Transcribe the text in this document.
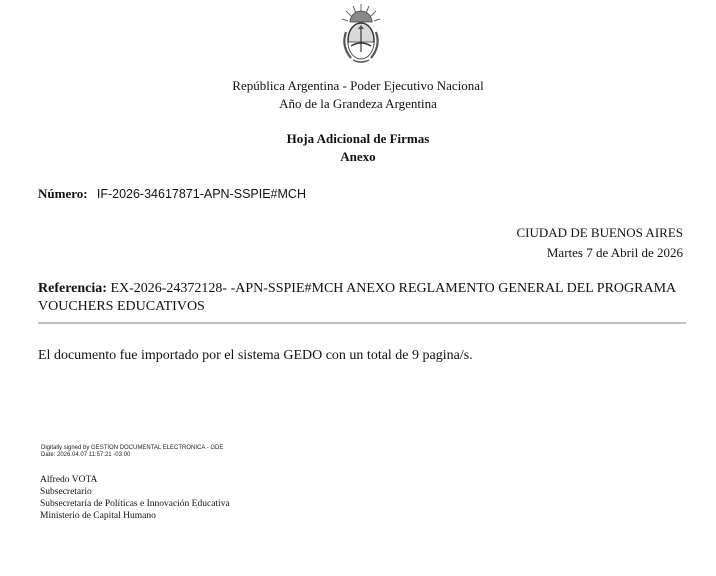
República Argentina - Poder Ejecutivo Nacional
Año de la Grandeza Argentina
Hoja Adicional de Firmas
Anexo
Número: IF-2026-34617871-APN-SSPIE#MCH
CIUDAD DE BUENOS AIRES
Martes 7 de Abril de 2026
Referencia: EX-2026-24372128- -APN-SSPIE#MCH ANEXO REGLAMENTO GENERAL DEL PROGRAMA VOUCHERS EDUCATIVOS
El documento fue importado por el sistema GEDO con un total de 9 pagina/s.
Digitally signed by GESTION DOCUMENTAL ELECTRONICA - GDE
Date: 2026.04.07 11:57:21 -03:00
Alfredo VOTA
Subsecretario
Subsecretaría de Políticas e Innovación Educativa
Ministerio de Capital Humano
